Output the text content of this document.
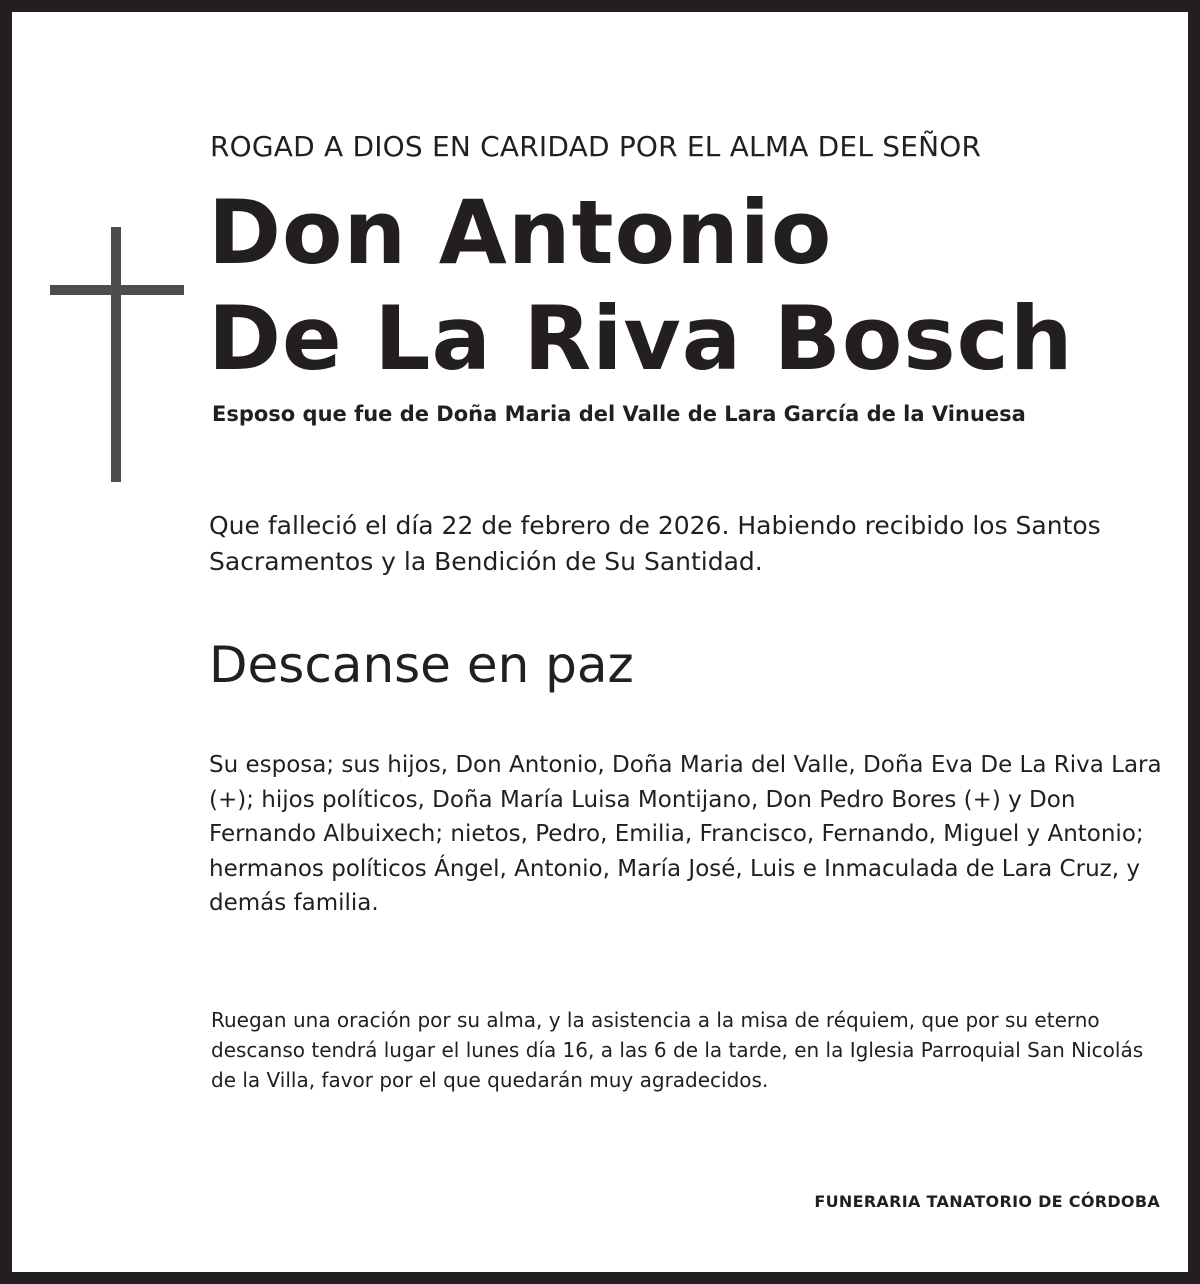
ROGAD A DIOS EN CARIDAD POR EL ALMA DEL SEÑOR
Don Antonio
De La Riva Bosch
Esposo que fue de Doña Maria del Valle de Lara García de la Vinuesa
Que falleció el día 22 de febrero de 2026. Habiendo recibido los Santos Sacramentos y la Bendición de Su Santidad.
Descanse en paz
Su esposa; sus hijos, Don Antonio, Doña Maria del Valle, Doña Eva De La Riva Lara (+); hijos políticos, Doña María Luisa Montijano, Don Pedro Bores (+) y Don Fernando Albuixech; nietos, Pedro, Emilia, Francisco, Fernando, Miguel y Antonio; hermanos políticos Ángel, Antonio, María José, Luis e Inmaculada de Lara Cruz, y demás familia.
Ruegan una oración por su alma, y la asistencia a la misa de réquiem, que por su eterno descanso tendrá lugar el lunes día 16, a las 6 de la tarde, en la Iglesia Parroquial San Nicolás de la Villa, favor por el que quedarán muy agradecidos.
FUNERARIA TANATORIO DE CÓRDOBA
